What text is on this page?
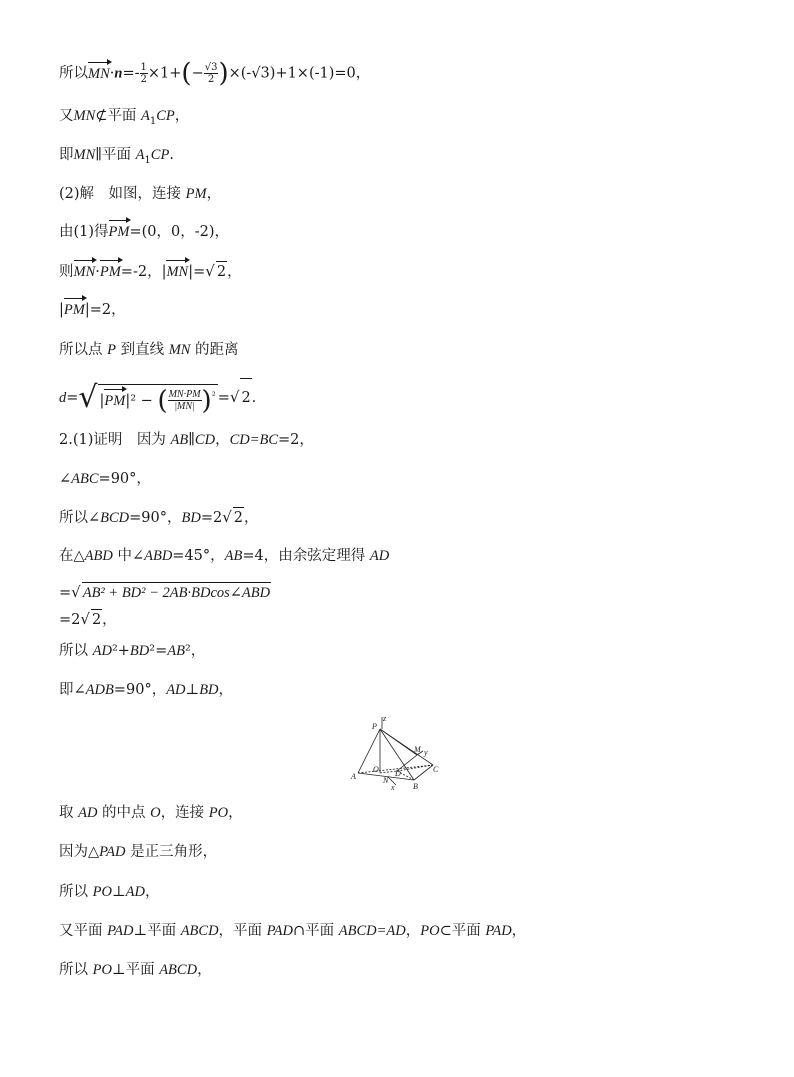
所以$MN\cdot n=- \frac{1}{2} \times 1+(- \frac{√3}{2} )\times(-√3)+1\times(-1)=0$，
又MN⊄平面 $A_1CP$，
即MN∥平面 $A_1CP$.
(2)解　如图，连接 PM，
由(1)得PM=(0，0，-2)，
则MN·PM=-2，|MN|=√ 2，
|PM|=2，
所以点 P 到直线 MN 的距离
d=√ |PM|² − ( $\frac{MN\cdot PM}{|MN|} )^{^2}$ =√ 2.
2.(1)证明　因为 AB∥CD，CD=BC=2，
∠ABC=90°，
所以∠BCD=90°，BD=2√ 2，
在△ABD 中∠ABD=45°，AB=4，由余弦定理得 AD
=√ AB² + BD² − 2AB·BDcos∠ABD
=2√ 2，
所以 AD²+BD²=AB²，
即∠ADB=90°，AD⊥BD，
P
z
M y
C
O D
A	N
x B
取 AD 的中点 O，连接 PO，
因为△PAD 是正三角形，
所以 PO⊥AD，
又平面 PAD⊥平面 ABCD，平面 PAD∩平面 ABCD=AD，PO⊂平面 PAD，
所以 PO⊥平面 ABCD，
